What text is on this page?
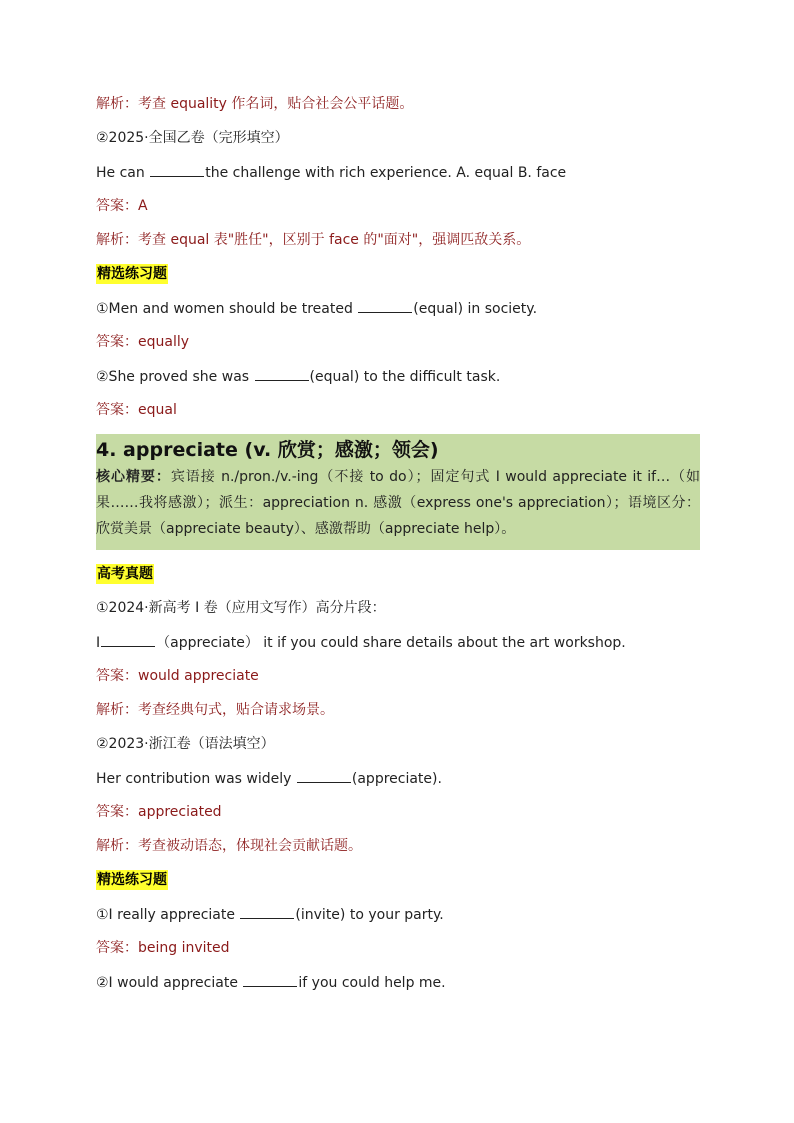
解析：考查 equality 作名词，贴合社会公平话题。
②2025·全国乙卷（完形填空）
He can	the challenge with rich experience. A. equal B. face
答案：A
解析：考查 equal 表"胜任"，区别于 face 的"面对"，强调匹敌关系。
精选练习题
①Men and women should be treated	(equal) in society.
答案：equally
②She proved she was	(equal) to the difficult task.
答案：equal
4. appreciate (v. 欣赏；感激；领会)
核心精要：宾语接 n./pron./v.-ing（不接 to do）；固定句式 I would appreciate it if…（如果……我将感激）；派生：appreciation n. 感激（express one's appreciation）；语境区分：欣赏美景（appreciate beauty）、感激帮助（appreciate help）。
高考真题
①2024·新高考 I 卷（应用文写作）高分片段：
I	（appreciate） it if you could share details about the art workshop.
答案：would appreciate
解析：考查经典句式，贴合请求场景。
②2023·浙江卷（语法填空）
Her contribution was widely	(appreciate).
答案：appreciated
解析：考查被动语态，体现社会贡献话题。
精选练习题
①I really appreciate	(invite) to your party.
答案：being invited
②I would appreciate	if you could help me.
